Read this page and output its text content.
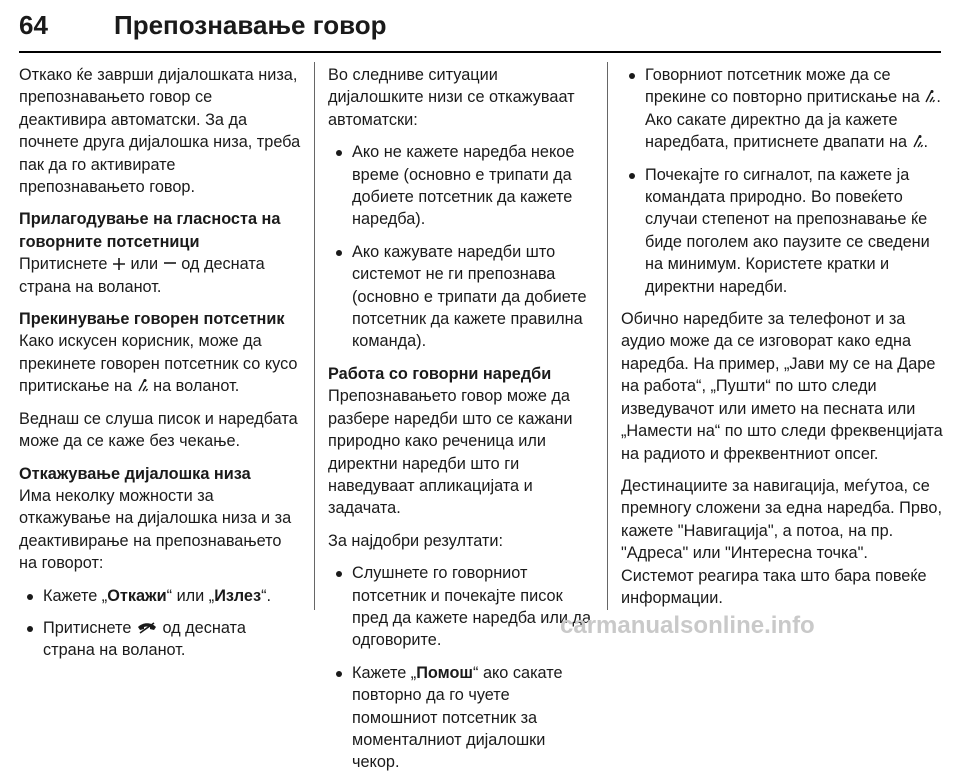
64	Препознавање говор

Откако ќе заврши дијалошката низа, препознавањето говор се деактивира автоматски. За да почнете друга дијалошка низа, треба пак да го активирате препознавањето говор.

Прилагодување на гласноста на говорните потсетници

Притиснете или од десната страна на воланот.

Прекинување говорен потсетник

Како искусен корисник, може да прекинете говорен потсетник со кусо притискање на на воланот.

Веднаш се слуша писок и наредбата може да се каже без чекање.

Откажување дијалошка низа

Има неколку можности за откажување на дијалошка низа и за деактивирање на препознавањето на говорот:

Кажете „Откажи“ или „Излез“.
Притиснете од десната страна на воланот.

Во следниве ситуации дијалошките низи се откажуваат автоматски:

Ако не кажете наредба некое време (основно е трипати да добиете потсетник да кажете наредба).
Ако кажувате наредби што системот не ги препознава (основно е трипати да добиете потсетник да кажете правилна команда).

Работа со говорни наредби

Препознавањето говор може да разбере наредби што се кажани природно како реченица или директни наредби што ги наведуваат апликацијата и задачата.

За најдобри резултати:

Слушнете го говорниот потсетник и почекајте писок пред да кажете наредба или да одговорите.
Кажете „Помош“ ако сакате повторно да го чуете помошниот потсетник за моменталниот дијалошки чекор.
Говорниот потсетник може да се прекине со повторно притискање на . Ако сакате директно да ја кажете наредбата, притиснете двапати на .
Почекајте го сигналот, па кажете ја командата природно. Во повеќето случаи степенот на препознавање ќе биде поголем ако паузите се сведени на минимум. Користете кратки и директни наредби.

Обично наредбите за телефонот и за аудио може да се изговорат како една наредба. На пример, „Јави му се на Даре на работа“, „Пушти“ по што следи изведувачот или името на песната или „Намести на“ по што следи фреквенцијата на радиото и фреквентниот опсег.

Дестинациите за навигација, меѓутоа, се премногу сложени за една наредба. Прво, кажете "Навигација", а потоа, на пр. "Адреса" или "Интересна точка". Системот реагира така што бара повеќе информации.

carmanualsonline.info
